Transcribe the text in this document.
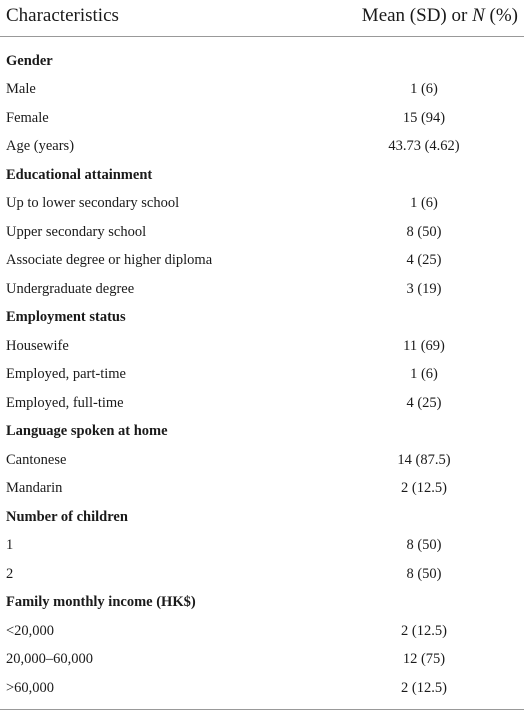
Characteristics	Mean (SD) or N (%)
Gender
Male	1 (6)
Female	15 (94)
Age (years)	43.73 (4.62)
Educational attainment
Up to lower secondary school	1 (6)
Upper secondary school	8 (50)
Associate degree or higher diploma	4 (25)
Undergraduate degree	3 (19)
Employment status
Housewife	11 (69)
Employed, part-time	1 (6)
Employed, full-time	4 (25)
Language spoken at home
Cantonese	14 (87.5)
Mandarin	2 (12.5)
Number of children
1	8 (50)
2	8 (50)
Family monthly income (HK$)
<20,000	2 (12.5)
20,000–60,000	12 (75)
>60,000	2 (12.5)
